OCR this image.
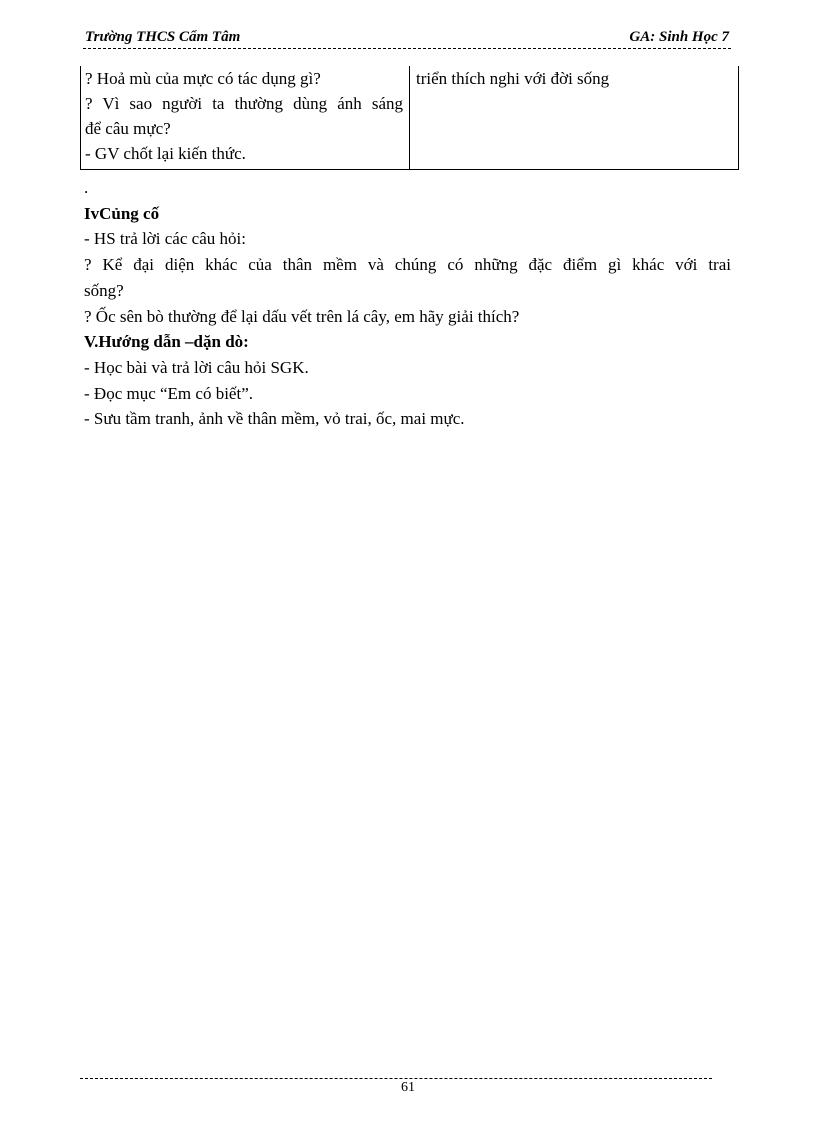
Trường THCS Cẩm Tâm	GA: Sinh Học 7
? Hoả mù của mực có tác dụng gì?
? Vì sao người ta thường dùng ánh sáng
để câu mực?
- GV chốt lại kiến thức.
triển thích nghi với đời sống
.
IvCủng cố
- HS trả lời các câu hỏi:
? Kể đại diện khác của thân mềm và chúng có những đặc điểm gì khác với trai
sống?
? Ốc sên bò thường để lại dấu vết trên lá cây, em hãy giải thích?
V.Hướng dẫn –dặn dò:
- Học bài và trả lời câu hỏi SGK.
- Đọc mục “Em có biết”.
- Sưu tầm tranh, ảnh về thân mềm, vỏ trai, ốc, mai mực.
61
